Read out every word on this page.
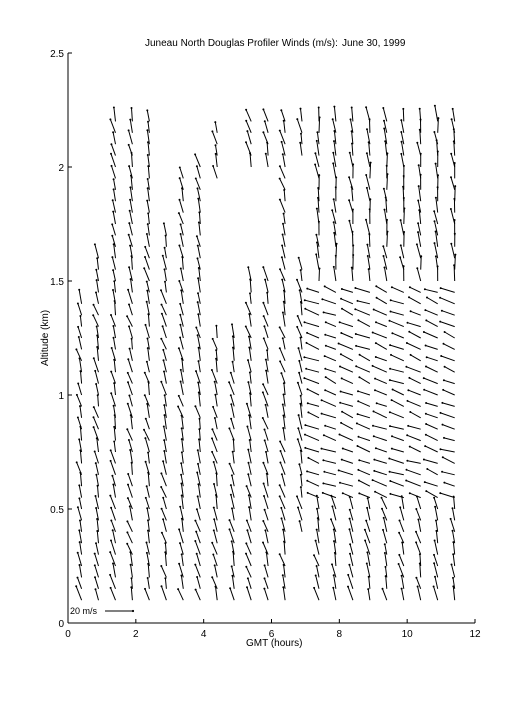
Juneau North Douglas Profiler Winds (m/s): June 30, 1999
0	2	4	6	8	10	12
0
0.5
1
1.5
2
2.5
GMT (hours)
Altitude (km)
20 m/s
